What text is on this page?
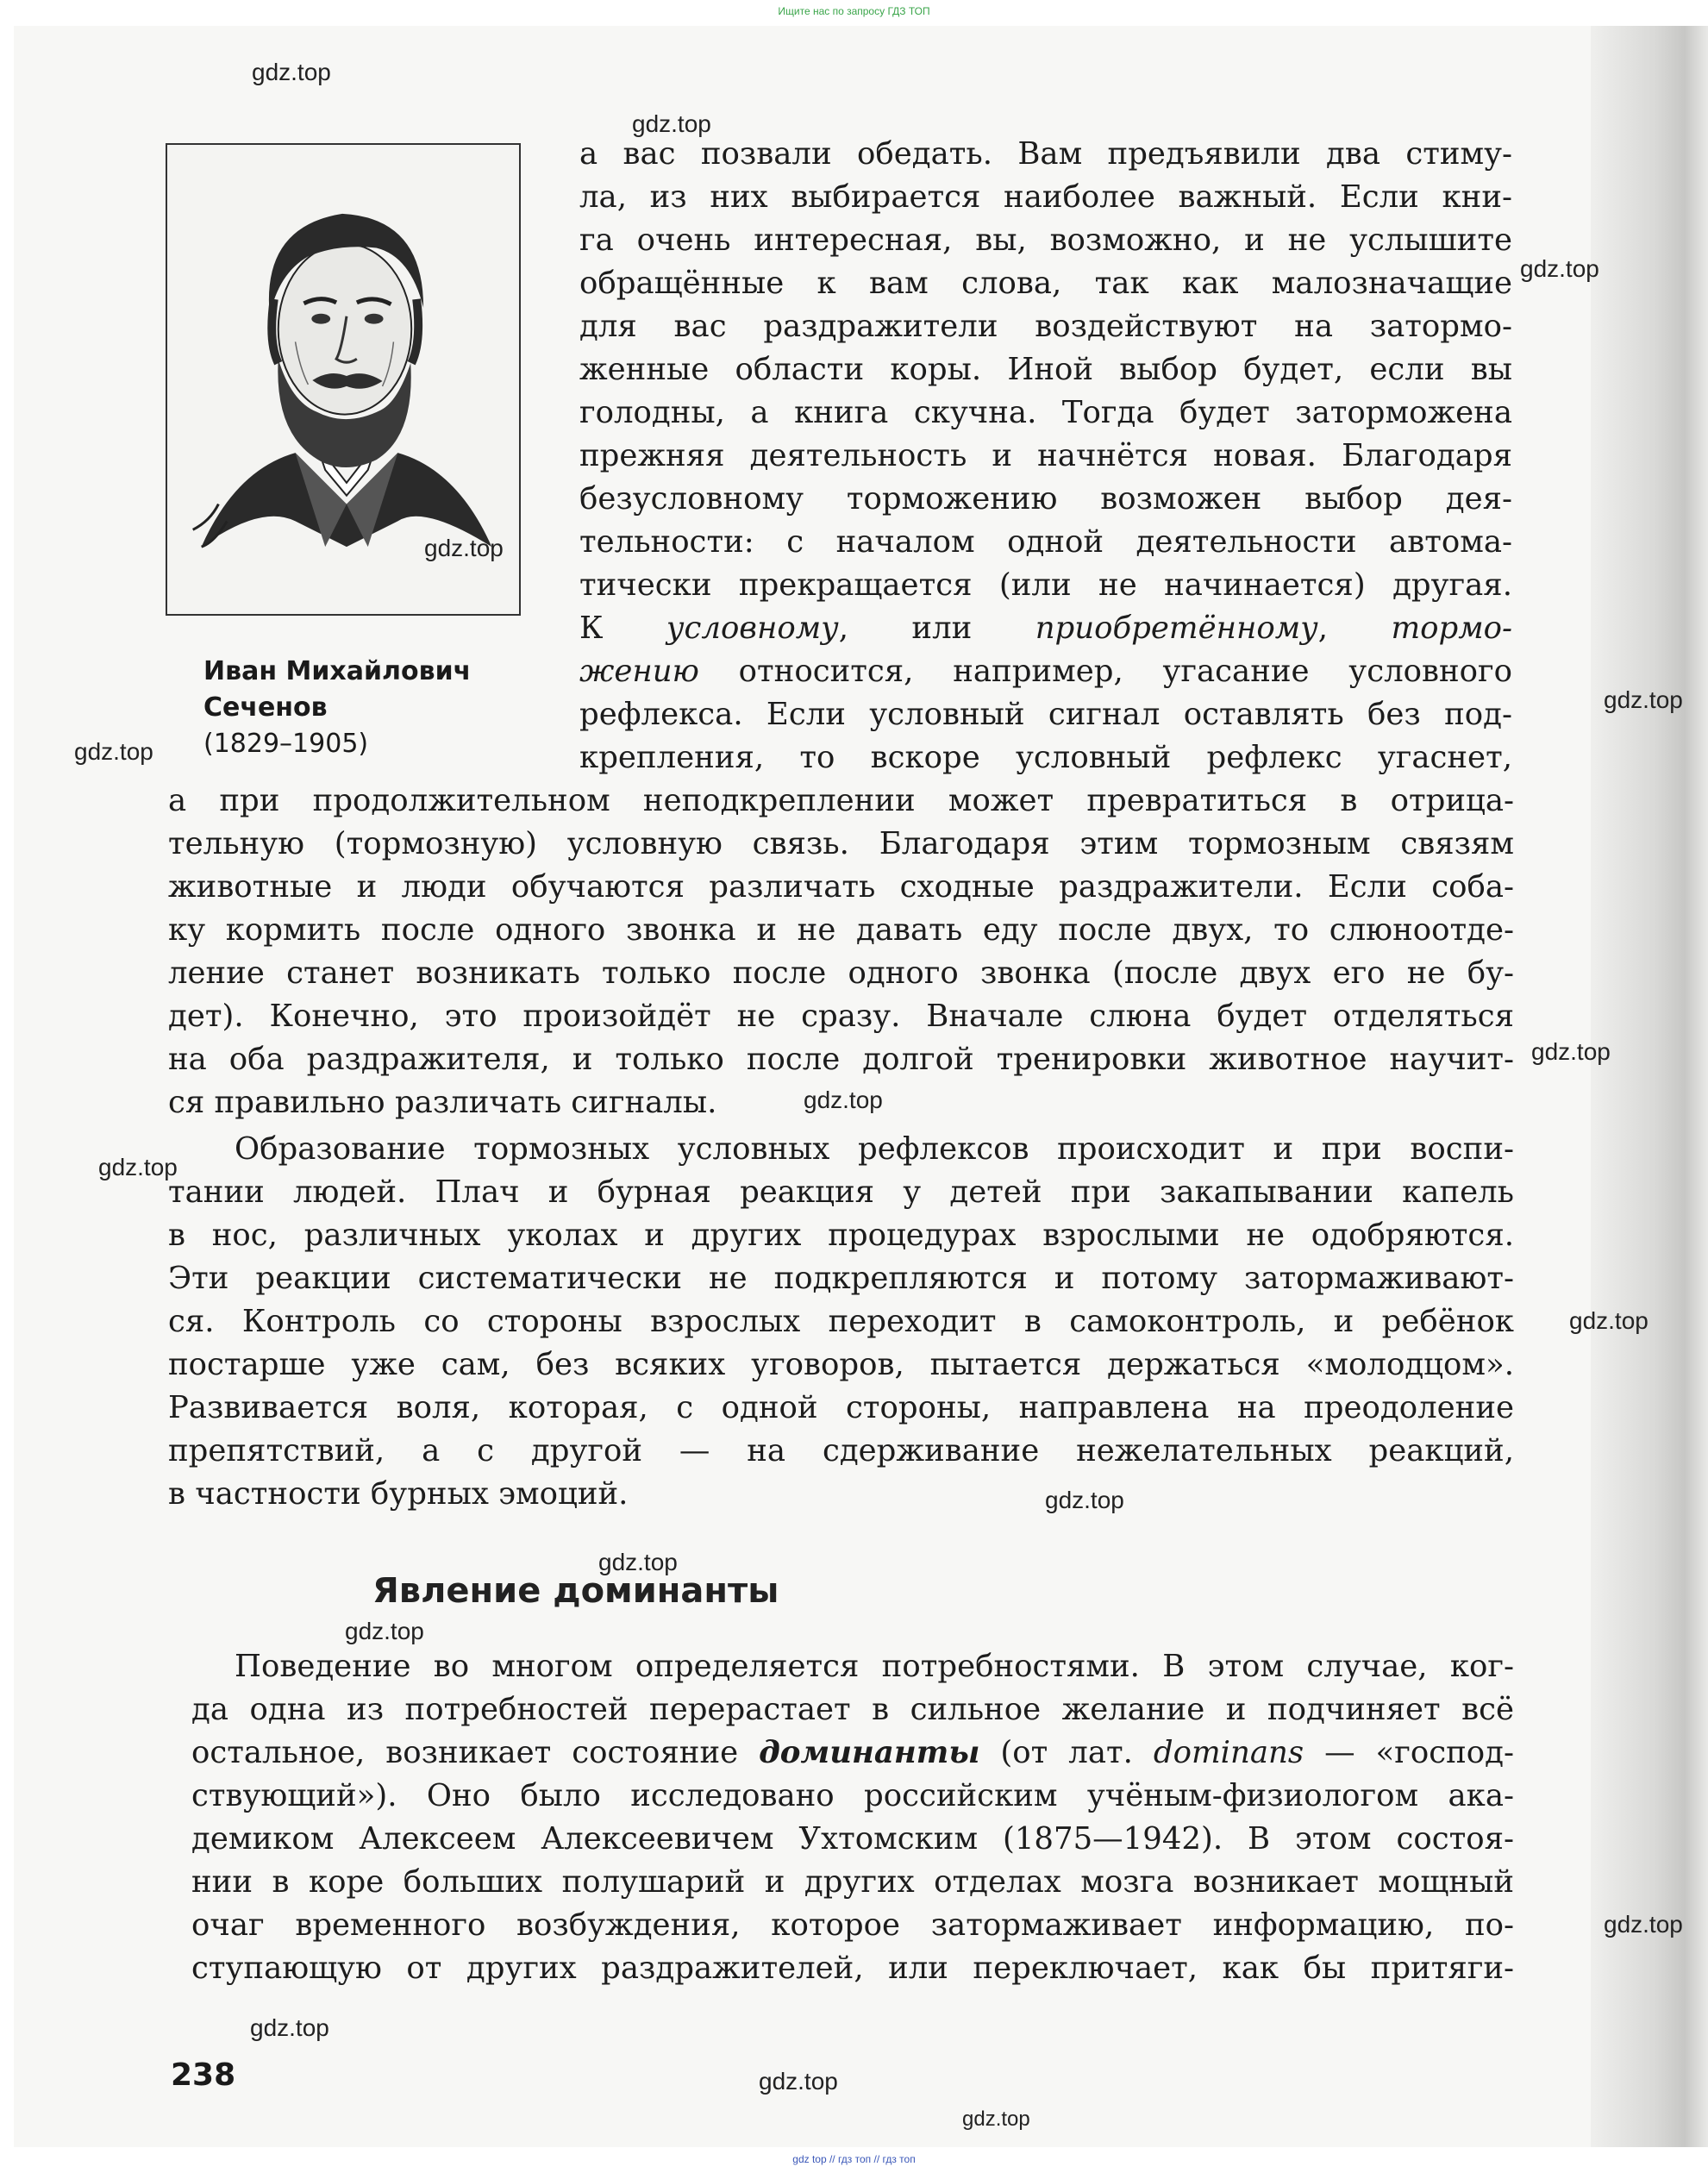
Ищите нас по запросу ГДЗ ТОП
Иван Михайлович
Сеченов
(1829–1905)
а вас позвали обедать. Вам предъявили два стиму-
ла, из них выбирается наиболее важный. Если кни-
га очень интересная, вы, возможно, и не услышите
обращённые к вам слова, так как малозначащие
для вас раздражители воздействуют на затормо-
женные области коры. Иной выбор будет, если вы
голодны, а книга скучна. Тогда будет заторможена
прежняя деятельность и начнётся новая. Благодаря
безусловному торможению возможен выбор дея-
тельности: с началом одной деятельности автома-
тически прекращается (или не начинается) другая.
К условному, или приобретённому, тормо-
жению относится, например, угасание условного
рефлекса. Если условный сигнал оставлять без под-
крепления, то вскоре условный рефлекс угаснет,
а при продолжительном неподкреплении может превратиться в отрица-
тельную (тормозную) условную связь. Благодаря этим тормозным связям
животные и люди обучаются различать сходные раздражители. Если соба-
ку кормить после одного звонка и не давать еду после двух, то слюноотде-
ление станет возникать только после одного звонка (после двух его не бу-
дет). Конечно, это произойдёт не сразу. Вначале слюна будет отделяться
на оба раздражителя, и только после долгой тренировки животное научит-
ся правильно различать сигналы.
Образование тормозных условных рефлексов происходит и при воспи-
тании людей. Плач и бурная реакция у детей при закапывании капель
в нос, различных уколах и других процедурах взрослыми не одобряются.
Эти реакции систематически не подкрепляются и потому затормаживают-
ся. Контроль со стороны взрослых переходит в самоконтроль, и ребёнок
постарше уже сам, без всяких уговоров, пытается держаться «молодцом».
Развивается воля, которая, с одной стороны, направлена на преодоление
препятствий, а с другой — на сдерживание нежелательных реакций,
в частности бурных эмоций.
Явление доминанты
Поведение во многом определяется потребностями. В этом случае, ког-
да одна из потребностей перерастает в сильное желание и подчиняет всё
остальное, возникает состояние доминанты (от лат. dominans — «господ-
ствующий»). Оно было исследовано российским учёным-физиологом ака-
демиком Алексеем Алексеевичем Ухтомским (1875—1942). В этом состоя-
нии в коре больших полушарий и других отделах мозга возникает мощный
очаг временного возбуждения, которое затормаживает информацию, по-
ступающую от других раздражителей, или переключает, как бы притяги-
238
gdz.top
gdz.top
gdz.top
gdz.top
gdz.top
gdz.top
gdz.top
gdz.top
gdz.top
gdz.top
gdz.top
gdz.top
gdz.top
gdz.top
gdz.top
gdz.top
gdz.top
gdz top // гдз топ // гдз топ
